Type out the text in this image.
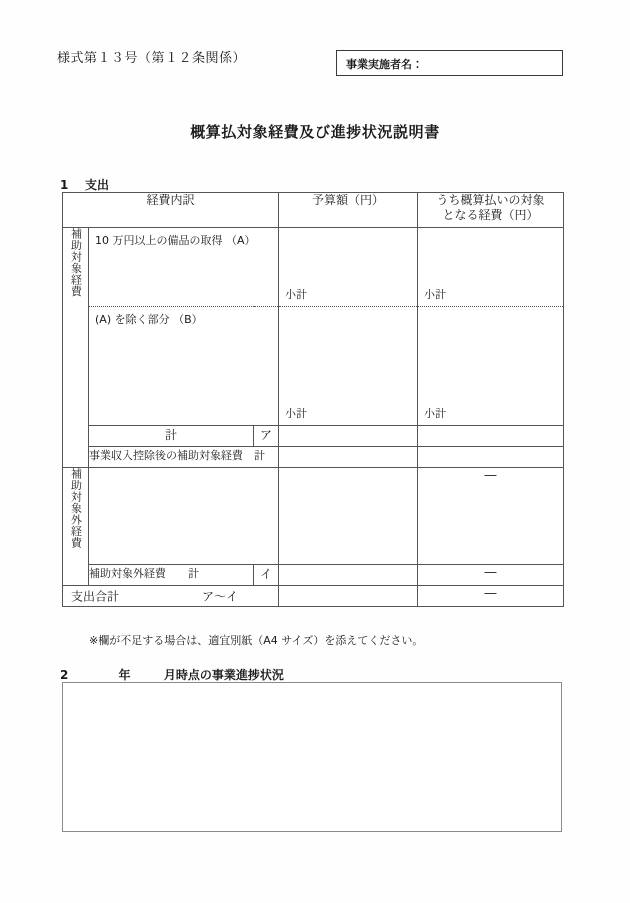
様式第１３号（第１２条関係）	事業実施者名：
概算払対象経費及び進捗状況説明書
1    支出
経費内訳			予算額（円）	うち概算払いの対象
となる経費（円）
補助対象経費	10 万円以上の備品の取得 （A）		小計	小計

	(A) を除く部分 （B）		小計	小計

	計	ア		
	事業収入控除後の補助対象経費　計			
補助対象外経費				―
	補助対象外経費　　計	イ		―

支出合計 ア～イ				―
※欄が不足する場合は、適宜別紙（A4 サイズ）を添えてください。
2            年        月時点の事業進捗状況
